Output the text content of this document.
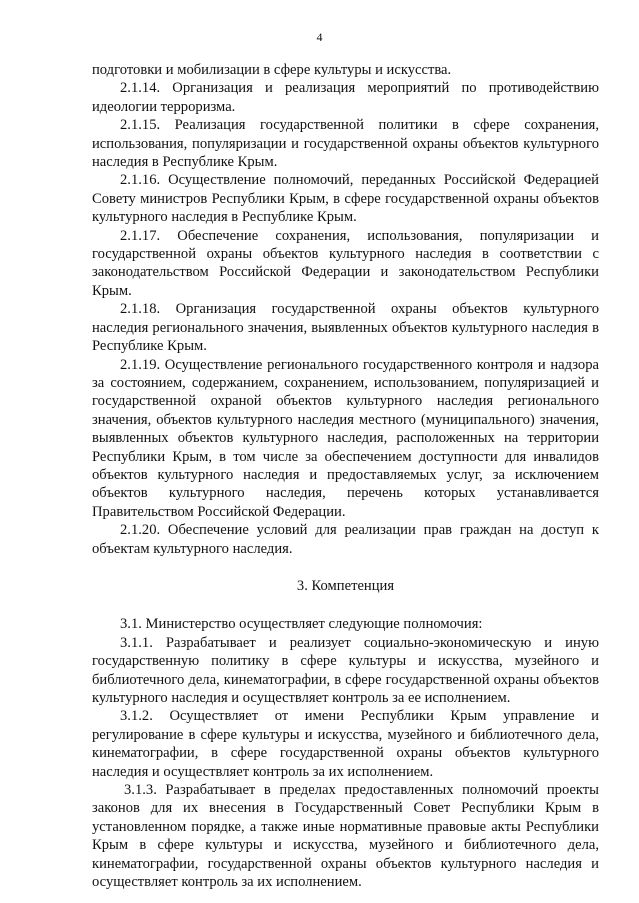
4

подготовки и мобилизации в сфере культуры и искусства.

2.1.14. Организация и реализация мероприятий по противодействию идеологии терроризма.

2.1.15. Реализация государственной политики в сфере сохранения, использования, популяризации и государственной охраны объектов культурного наследия в Республике Крым.

2.1.16. Осуществление полномочий, переданных Российской Федерацией Совету министров Республики Крым, в сфере государственной охраны объектов культурного наследия в Республике Крым.

2.1.17. Обеспечение сохранения, использования, популяризации и государственной охраны объектов культурного наследия в соответствии с законодательством Российской Федерации и законодательством Республики Крым.

2.1.18. Организация государственной охраны объектов культурного наследия регионального значения, выявленных объектов культурного наследия в Республике Крым.

2.1.19. Осуществление регионального государственного контроля и надзора за состоянием, содержанием, сохранением, использованием, популяризацией и государственной охраной объектов культурного наследия регионального значения, объектов культурного наследия местного (муниципального) значения, выявленных объектов культурного наследия, расположенных на территории Республики Крым, в том числе за обеспечением доступности для инвалидов объектов культурного наследия и предоставляемых услуг, за исключением объектов культурного наследия, перечень которых устанавливается Правительством Российской Федерации.

2.1.20. Обеспечение условий для реализации прав граждан на доступ к объектам культурного наследия.

3. Компетенция

3.1. Министерство осуществляет следующие полномочия:

3.1.1. Разрабатывает и реализует социально-экономическую и иную государственную политику в сфере культуры и искусства, музейного и библиотечного дела, кинематографии, в сфере государственной охраны объектов культурного наследия и осуществляет контроль за ее исполнением.

3.1.2. Осуществляет от имени Республики Крым управление и регулирование в сфере культуры и искусства, музейного и библиотечного дела, кинематографии, в сфере государственной охраны объектов культурного наследия и осуществляет контроль за их исполнением.

3.1.3. Разрабатывает в пределах предоставленных полномочий проекты законов для их внесения в Государственный Совет Республики Крым в установленном порядке, а также иные нормативные правовые акты Республики Крым в сфере культуры и искусства, музейного и библиотечного дела, кинематографии, государственной охраны объектов культурного наследия и осуществляет контроль за их исполнением.
